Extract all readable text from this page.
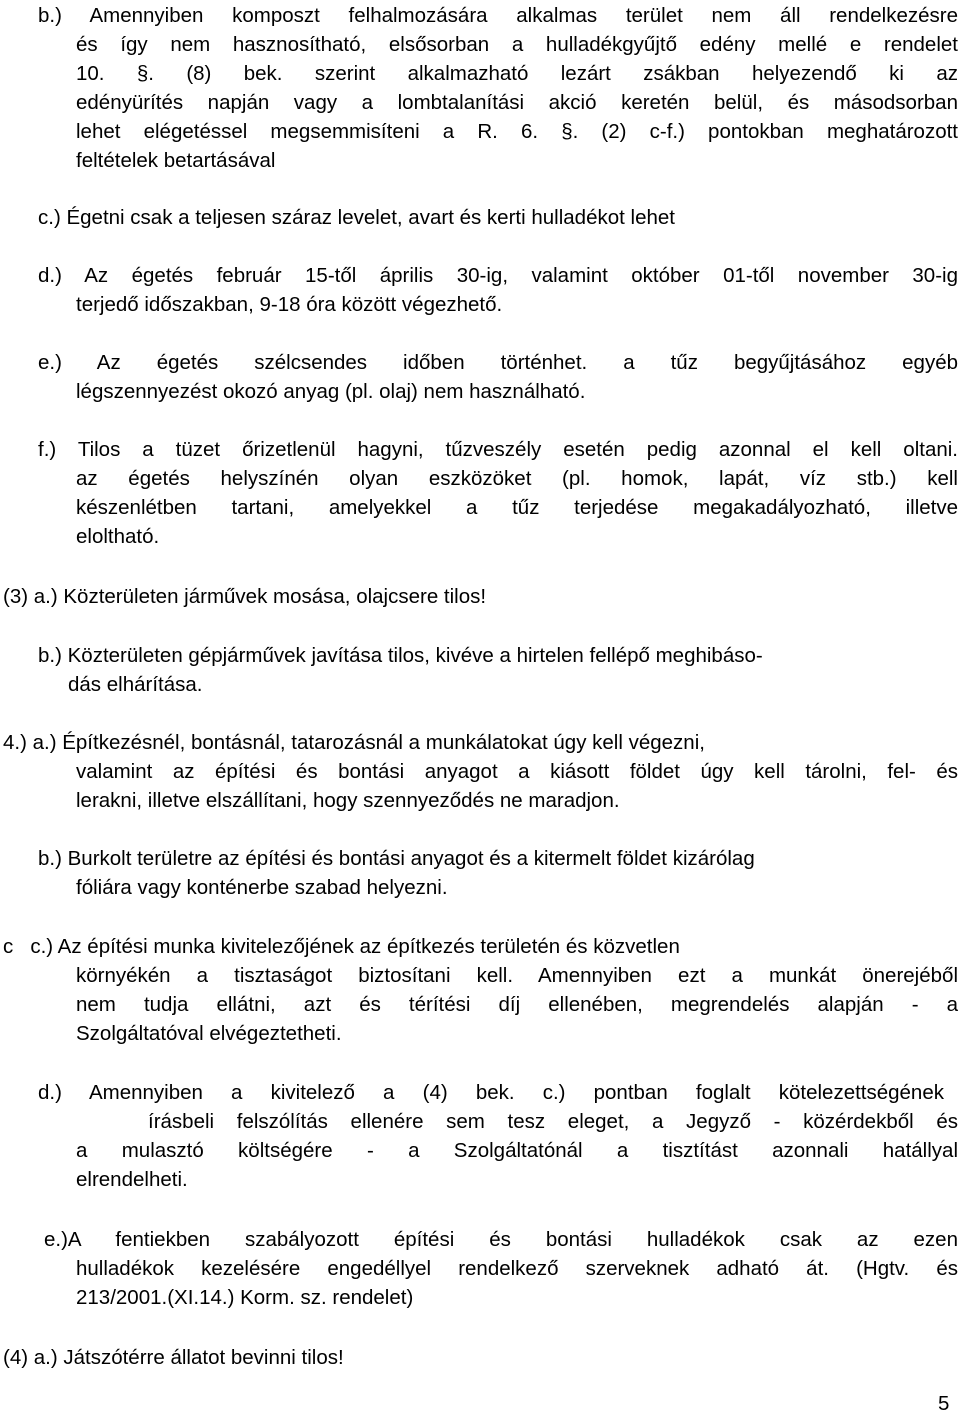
b.) Amennyiben komposzt felhalmozására alkalmas terület nem áll rendelkezésre
és így nem hasznosítható, elsősorban a hulladékgyűjtő edény mellé e rendelet
10. §. (8) bek. szerint alkalmazható lezárt zsákban helyezendő ki az
edényürítés napján vagy a lombtalanítási akció keretén belül, és másodsorban
lehet elégetéssel megsemmisíteni a R. 6. §. (2) c-f.) pontokban meghatározott
feltételek betartásával
c.) Égetni csak a teljesen száraz levelet, avart és kerti hulladékot lehet
d.) Az égetés február 15-től április 30-ig, valamint október 01-től november 30-ig
terjedő időszakban, 9-18 óra között végezhető.
e.) Az égetés szélcsendes időben történhet. a tűz begyűjtásához egyéb
légszennyezést okozó anyag (pl. olaj) nem használható.
f.) Tilos a tüzet őrizetlenül hagyni, tűzveszély esetén pedig azonnal el kell oltani.
az égetés helyszínén olyan eszközöket (pl. homok, lapát, víz stb.) kell
készenlétben tartani, amelyekkel a tűz terjedése megakadályozható, illetve
eloltható.
(3) a.) Közterületen járművek mosása, olajcsere tilos!
b.) Közterületen gépjárművek javítása tilos, kivéve a hirtelen fellépő meghibáso-
dás elhárítása.
4.) a.) Építkezésnél, bontásnál, tatarozásnál a munkálatokat úgy kell végezni,
valamint az építési és bontási anyagot a kiásott földet úgy kell tárolni, fel- és
lerakni, illetve elszállítani, hogy szennyeződés ne maradjon.
b.) Burkolt területre az építési és bontási anyagot és a kitermelt földet kizárólag
fóliára vagy konténerbe szabad helyezni.
c   c.) Az építési munka kivitelezőjének az építkezés területén és közvetlen
környékén a tisztaságot biztosítani kell. Amennyiben ezt a munkát önerejéből
nem tudja ellátni, azt és térítési díj ellenében, megrendelés alapján - a
Szolgáltatóval elvégeztetheti.
d.) Amennyiben a kivitelező a (4) bek. c.) pontban foglalt kötelezettségének
írásbeli felszólítás ellenére sem tesz eleget, a Jegyző - közérdekből és
a mulasztó költségére - a Szolgáltatónál a tisztítást azonnali hatállyal
elrendelheti.
e.)A fentiekben szabályozott építési és bontási hulladékok csak az ezen
hulladékok kezelésére engedéllyel rendelkező szerveknek adható át. (Hgtv. és
213/2001.(XI.14.) Korm. sz. rendelet)
(4) a.) Játszótérre állatot bevinni tilos!
5
